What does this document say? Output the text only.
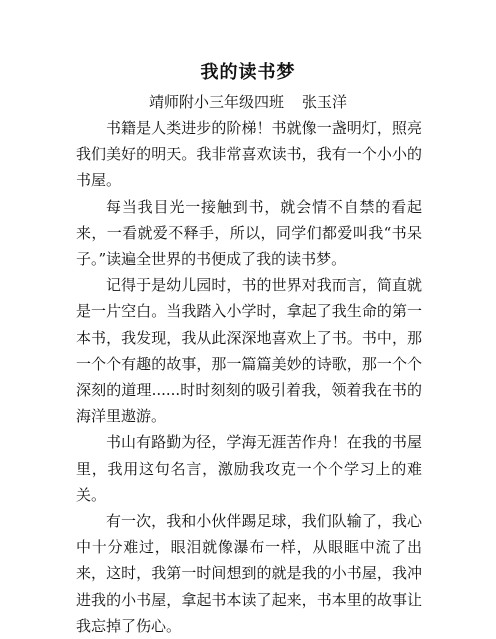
我的读书梦
靖师附小三年级四班 张玉洋

书籍是人类进步的阶梯！书就像一盏明灯，照亮我们美好的明天。我非常喜欢读书，我有一个小小的书屋。

每当我目光一接触到书，就会情不自禁的看起来，一看就爱不释手，所以，同学们都爱叫我“书呆子。”读遍全世界的书便成了我的读书梦。

记得于是幼儿园时，书的世界对我而言，简直就是一片空白。当我踏入小学时，拿起了我生命的第一本书，我发现，我从此深深地喜欢上了书。书中，那一个个有趣的故事，那一篇篇美妙的诗歌，那一个个深刻的道理......时时刻刻的吸引着我，领着我在书的海洋里遨游。

书山有路勤为径，学海无涯苦作舟！在我的书屋里，我用这句名言，激励我攻克一个个学习上的难关。

有一次，我和小伙伴踢足球，我们队输了，我心中十分难过，眼泪就像瀑布一样，从眼眶中流了出来，这时，我第一时间想到的就是我的小书屋，我冲进我的小书屋，拿起书本读了起来，书本里的故事让我忘掉了伤心。
